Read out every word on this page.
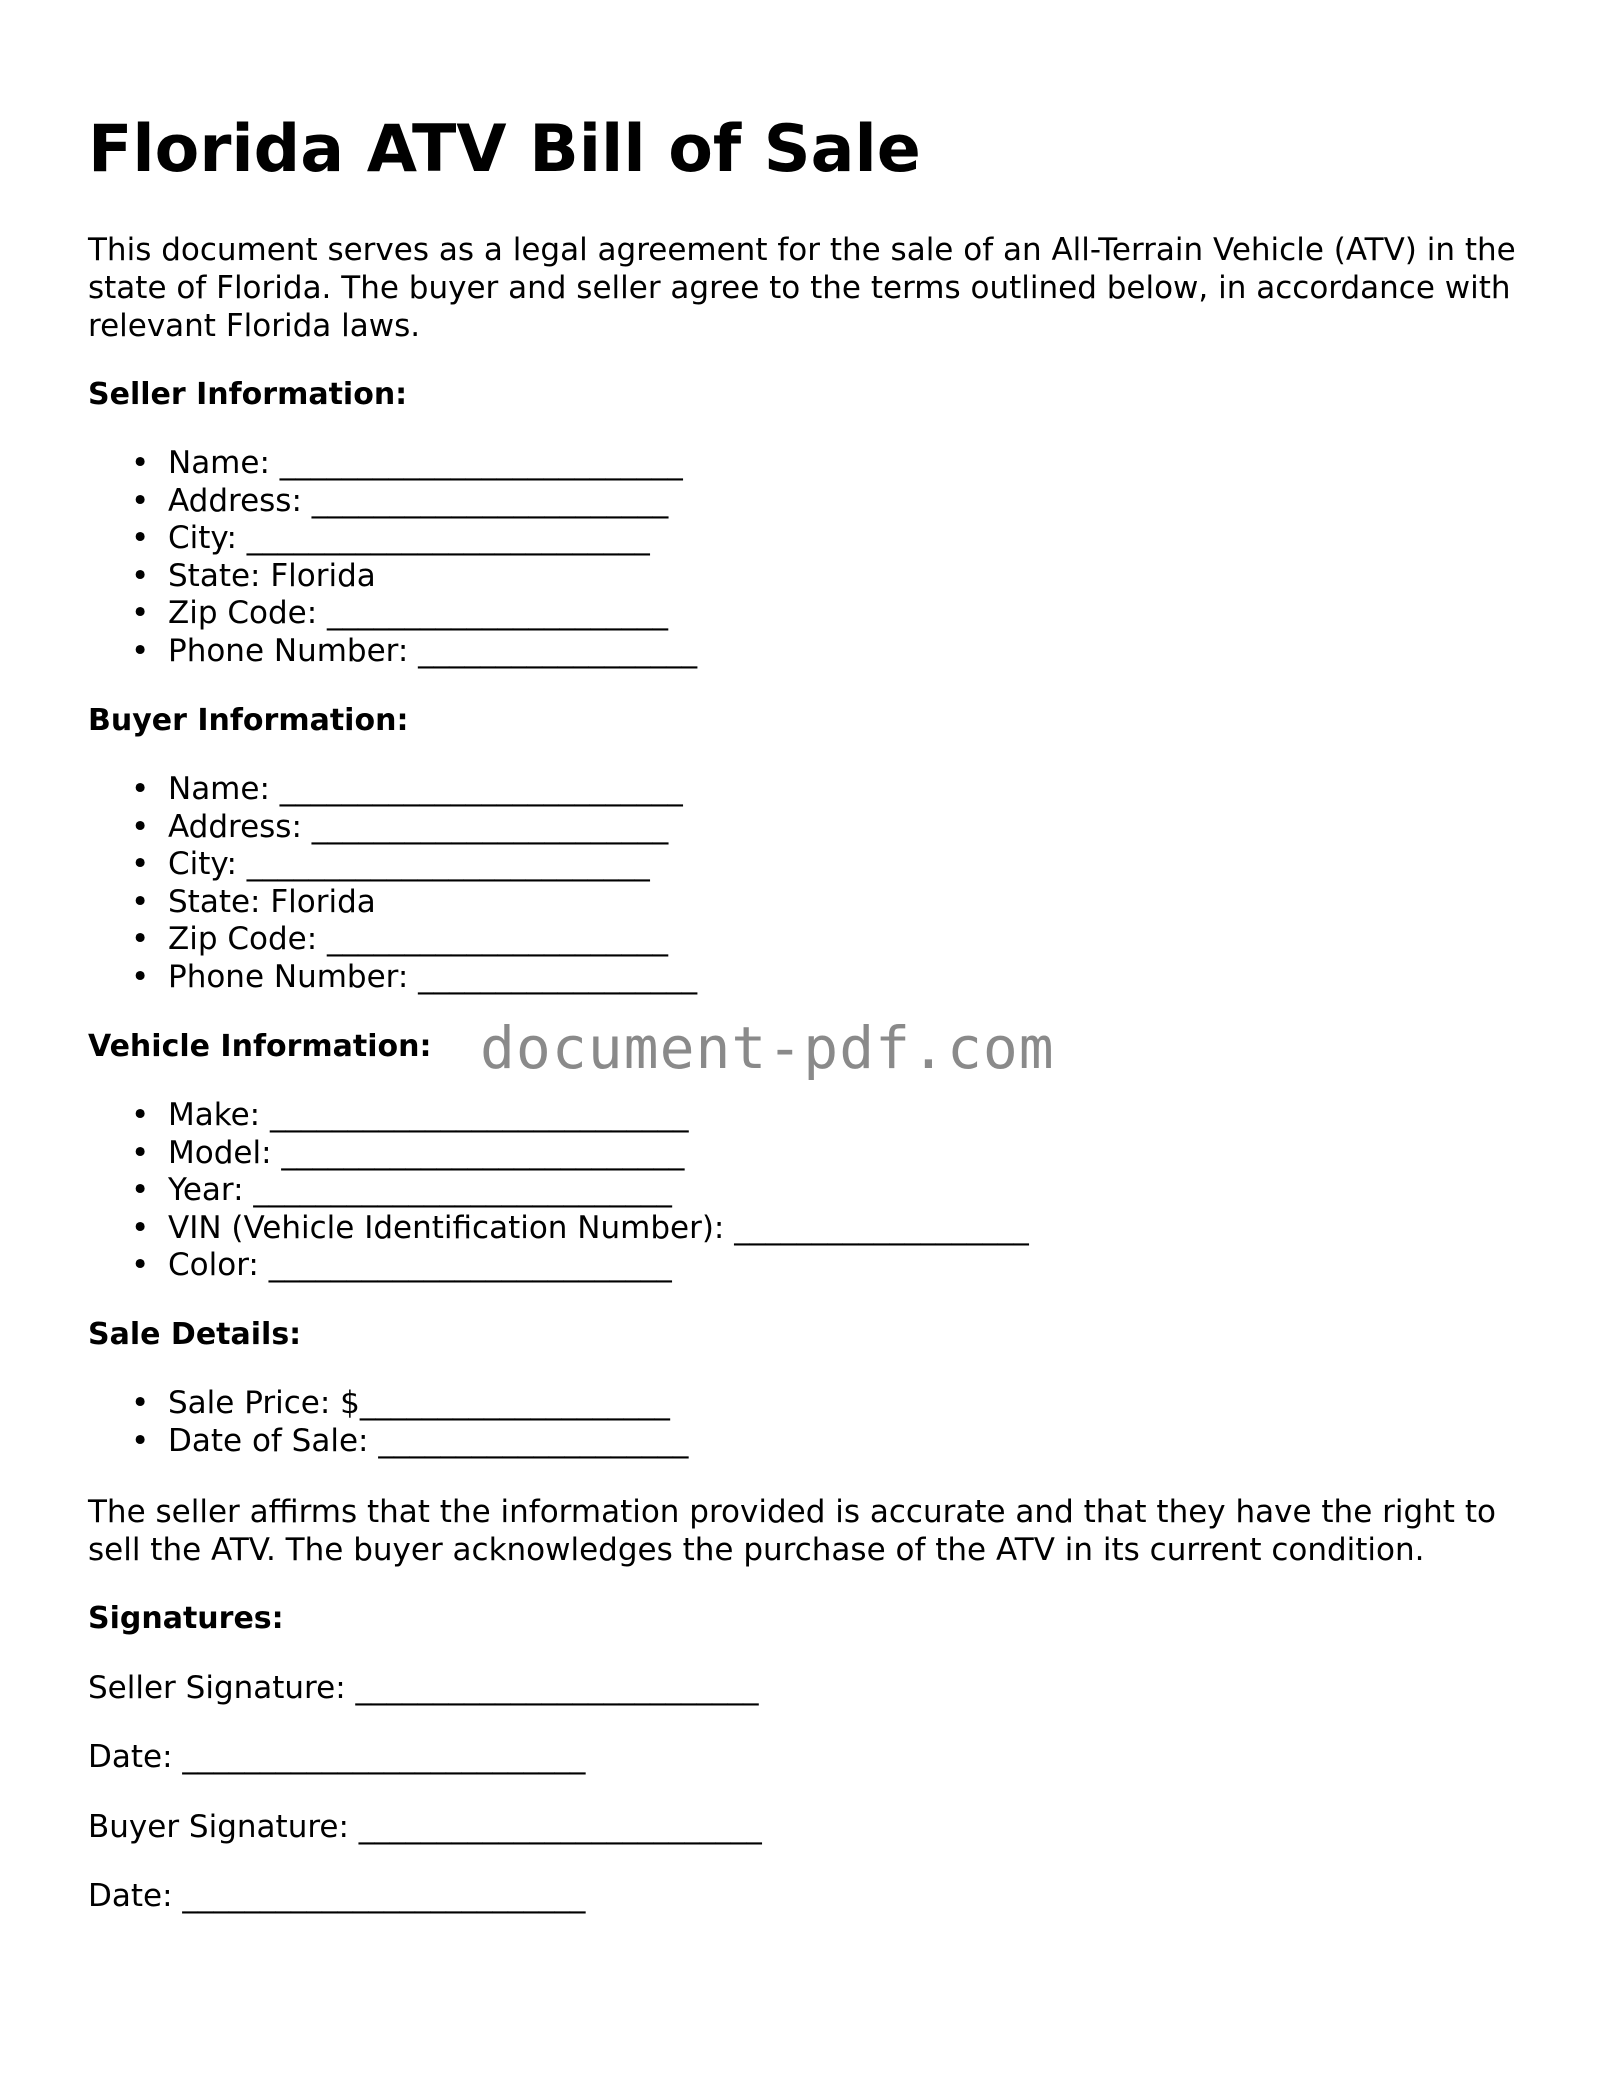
Florida ATV Bill of Sale

This document serves as a legal agreement for the sale of an All-Terrain Vehicle (ATV) in the state of Florida. The buyer and seller agree to the terms outlined below, in accordance with relevant Florida laws.

Seller Information:
• Name: __________________________
• Address: _______________________
• City: __________________________
• State: Florida
• Zip Code: ______________________
• Phone Number: __________________
Buyer Information:
• Name: __________________________
• Address: _______________________
• City: __________________________
• State: Florida
• Zip Code: ______________________
• Phone Number: __________________
Vehicle Information:
• Make: ___________________________
• Model: __________________________
• Year: ___________________________
• VIN (Vehicle Identification Number): ___________________
• Color: __________________________
Sale Details:
• Sale Price: $____________________
• Date of Sale: ____________________

The seller affirms that the information provided is accurate and that they have the right to sell the ATV. The buyer acknowledges the purchase of the ATV in its current condition.

Signatures:

Seller Signature: __________________________

Date: __________________________

Buyer Signature: __________________________

Date: __________________________

document-pdf.com
